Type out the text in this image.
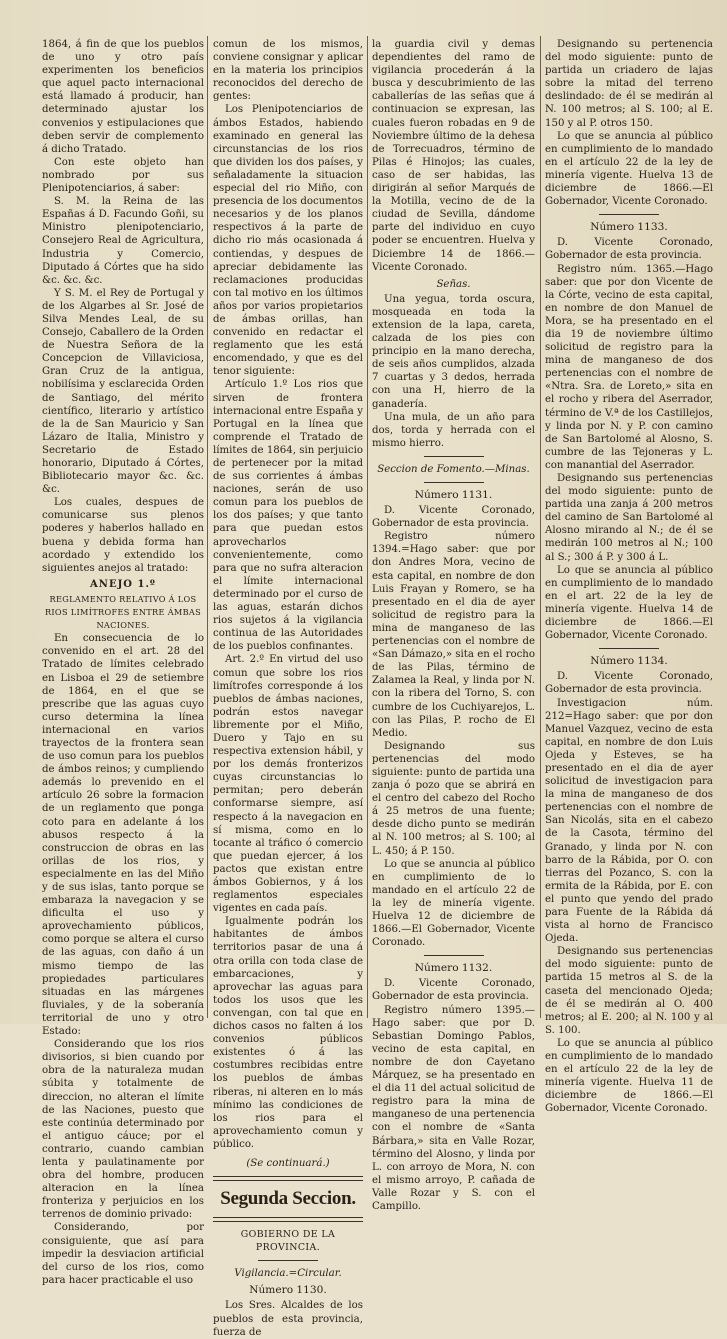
1864, á fin de que los pueblos de uno y otro país experimenten los beneficios que aquel pacto internacional está llamado á producir, han determinado ajustar los convenios y estipulaciones que deben servir de complemento á dicho Tratado.

Con este objeto han nombrado por sus Plenipotenciarios, á saber:

S. M. la Reina de las Españas á D. Facundo Goñi, su Ministro plenipotenciario, Consejero Real de Agricultura, Industria y Comercio, Diputado á Córtes que ha sido &c. &c. &c.

Y S. M. el Rey de Portugal y de los Algarbes al Sr. José de Silva Mendes Leal, de su Consejo, Caballero de la Orden de Nuestra Señora de la Concepcion de Villaviciosa, Gran Cruz de la antigua, nobilísima y esclarecida Orden de Santiago, del mérito científico, literario y artístico de la de San Mauricio y San Lázaro de Italia, Ministro y Secretario de Estado honorario, Diputado á Córtes, Bibliotecario mayor &c. &c. &c.

Los cuales, despues de comunicarse sus plenos poderes y haberlos hallado en buena y debida forma han acordado y extendido los siguientes anejos al tratado:

ANEJO 1.º
REGLAMENTO RELATIVO Á LOS RIOS LIMÍTROFES ENTRE ÁMBAS NACIONES.

En consecuencia de lo convenido en el art. 28 del Tratado de límites celebrado en Lisboa el 29 de setiembre de 1864, en el que se prescribe que las aguas cuyo curso determina la línea internacional en varios trayectos de la frontera sean de uso comun para los pueblos de ámbos reinos; y cumpliendo además lo prevenido en el artículo 26 sobre la formacion de un reglamento que ponga coto para en adelante á los abusos respecto á la construccion de obras en las orillas de los rios, y especialmente en las del Miño y de sus islas, tanto porque se embaraza la navegacion y se dificulta el uso y aprovechamiento públicos, como porque se altera el curso de las aguas, con daño á un mismo tiempo de las propiedades particulares situadas en las márgenes fluviales, y de la soberanía territorial de uno y otro Estado:

Considerando que los rios divisorios, si bien cuando por obra de la naturaleza mudan súbita y totalmente de direccion, no alteran el límite de las Naciones, puesto que este continúa determinado por el antiguo cáuce; por el contrario, cuando cambian lenta y paulatinamente por obra del hombre, producen alteracion en la línea fronteriza y perjuicios en los terrenos de dominio privado:

Considerando, por consiguiente, que así para impedir la desviacion artificial del curso de los rios, como para hacer practicable el uso

comun de los mismos, conviene consignar y aplicar en la materia los principios reconocidos del derecho de gentes:

Los Plenipotenciarios de ámbos Estados, habiendo examinado en general las circunstancias de los rios que dividen los dos países, y señaladamente la situacion especial del rio Miño, con presencia de los documentos necesarios y de los planos respectivos á la parte de dicho rio más ocasionada á contiendas, y despues de apreciar debidamente las reclamaciones producidas con tal motivo en los últimos años por varios propietarios de ámbas orillas, han convenido en redactar el reglamento que les está encomendado, y que es del tenor siguiente:

Artículo 1.º Los rios que sirven de frontera internacional entre España y Portugal en la línea que comprende el Tratado de límites de 1864, sin perjuicio de pertenecer por la mitad de sus corrientes á ámbas naciones, serán de uso comun para los pueblos de los dos países; y que tanto para que puedan estos aprovecharlos convenientemente, como para que no sufra alteracion el límite internacional determinado por el curso de las aguas, estarán dichos rios sujetos á la vigilancia continua de las Autoridades de los pueblos confinantes.

Art. 2.º En virtud del uso comun que sobre los rios limítrofes corresponde á los pueblos de ámbas naciones, podrán estos navegar libremente por el Miño, Duero y Tajo en su respectiva extension hábil, y por los demás fronterizos cuyas circunstancias lo permitan; pero deberán conformarse siempre, así respecto á la navegacion en sí misma, como en lo tocante al tráfico ó comercio que puedan ejercer, á los pactos que existan entre ámbos Gobiernos, y á los reglamentos especiales vigentes en cada país.

Igualmente podrán los habitantes de ámbos territorios pasar de una á otra orilla con toda clase de embarcaciones, y aprovechar las aguas para todos los usos que les convengan, con tal que en dichos casos no falten á los convenios públicos existentes ó á las costumbres recibidas entre los pueblos de ámbas riberas, ni alteren en lo más mínimo las condiciones de los rios para el aprovechamiento comun y público.

(Se continuará.)
Segunda Seccion.
GOBIERNO DE LA PROVINCIA.
Vigilancia.=Circular.
Número 1130.

Los Sres. Alcaldes de los pueblos de esta provincia, fuerza de

la guardia civil y demas dependientes del ramo de vigilancia procederán á la busca y descubrimiento de las caballerías de las señas que á continuacion se expresan, las cuales fueron robadas en 9 de Noviembre último de la dehesa de Torrecuadros, término de Pilas é Hinojos; las cuales, caso de ser habidas, las dirigirán al señor Marqués de la Motilla, vecino de de la ciudad de Sevilla, dándome parte del individuo en cuyo poder se encuentren. Huelva y Diciembre 14 de 1866.—Vicente Coronado.

Señas.

Una yegua, torda oscura, mosqueada en toda la extension de la lapa, careta, calzada de los pies con principio en la mano derecha, de seis años cumplidos, alzada 7 cuartas y 3 dedos, herrada con una H, hierro de la ganadería.

Una mula, de un año para dos, torda y herrada con el mismo hierro.

Seccion de Fomento.—Minas.
Número 1131.

D. Vicente Coronado, Gobernador de esta provincia.

Registro número 1394.=Hago saber: que por don Andres Mora, vecino de esta capital, en nombre de don Luis Frayan y Romero, se ha presentado en el dia de ayer solicitud de registro para la mina de manganeso de las pertenencias con el nombre de «San Dámazo,» sita en el rocho de las Pilas, término de Zalamea la Real, y linda por N. con la ribera del Torno, S. con cumbre de los Cuchiyarejos, L. con las Pilas, P. rocho de El Medio.

Designando sus pertenencias del modo siguiente: punto de partida una zanja ó pozo que se abrirá en el centro del cabezo del Rocho á 25 metros de una fuente; desde dicho punto se medirán al N. 100 metros; al S. 100; al L. 450; á P. 150.

Lo que se anuncia al público en cumplimiento de lo mandado en el artículo 22 de la ley de minería vigente. Huelva 12 de diciembre de 1866.—El Gobernador, Vicente Coronado.

Número 1132.

D. Vicente Coronado, Gobernador de esta provincia.

Registro número 1395.—Hago saber: que por D. Sebastian Domingo Pablos, vecino de esta capital, en nombre de don Cayetano Márquez, se ha presentado en el dia 11 del actual solicitud de registro para la mina de manganeso de una pertenencia con el nombre de «Santa Bárbara,» sita en Valle Rozar, término del Alosno, y linda por L. con arroyo de Mora, N. con el mismo arroyo, P. cañada de Valle Rozar y S. con el Campillo.

Designando su pertenencia del modo siguiente: punto de partida un criadero de lajas sobre la mitad del terreno deslindado: de él se medirán al N. 100 metros; al S. 100; al E. 150 y al P. otros 150.

Lo que se anuncia al público en cumplimiento de lo mandado en el artículo 22 de la ley de minería vigente. Huelva 13 de diciembre de 1866.—El Gobernador, Vicente Coronado.

Número 1133.

D. Vicente Coronado, Gobernador de esta provincia.

Registro núm. 1365.—Hago saber: que por don Vicente de la Córte, vecino de esta capital, en nombre de don Manuel de Mora, se ha presentado en el dia 19 de noviembre último solicitud de registro para la mina de manganeso de dos pertenencias con el nombre de «Ntra. Sra. de Loreto,» sita en el rocho y ribera del Aserrador, término de V.ª de los Castillejos, y linda por N. y P. con camino de San Bartolomé al Alosno, S. cumbre de las Tejoneras y L. con manantial del Aserrador.

Designando sus pertenencias del modo siguiente: punto de partida una zanja á 200 metros del camino de San Bartolomé al Alosno mirando al N.; de él se medirán 100 metros al N.; 100 al S.; 300 á P. y 300 á L.

Lo que se anuncia al público en cumplimiento de lo mandado en el art. 22 de la ley de minería vigente. Huelva 14 de diciembre de 1866.—El Gobernador, Vicente Coronado.

Número 1134.

D. Vicente Coronado, Gobernador de esta provincia.

Investigacion núm. 212=Hago saber: que por don Manuel Vazquez, vecino de esta capital, en nombre de don Luis Ojeda y Esteves, se ha presentado en el dia de ayer solicitud de investigacion para la mina de manganeso de dos pertenencias con el nombre de San Nicolás, sita en el cabezo de la Casota, término del Granado, y linda por N. con barro de la Rábida, por O. con tierras del Pozanco, S. con la ermita de la Rábida, por E. con el punto que yendo del prado para Fuente de la Rábida dá vista al horno de Francisco Ojeda.

Designando sus pertenencias del modo siguiente: punto de partida 15 metros al S. de la caseta del mencionado Ojeda; de él se medirán al O. 400 metros; al E. 200; al N. 100 y al S. 100.

Lo que se anuncia al público en cumplimiento de lo mandado en el artículo 22 de la ley de minería vigente. Huelva 11 de diciembre de 1866.—El Gobernador, Vicente Coronado.
